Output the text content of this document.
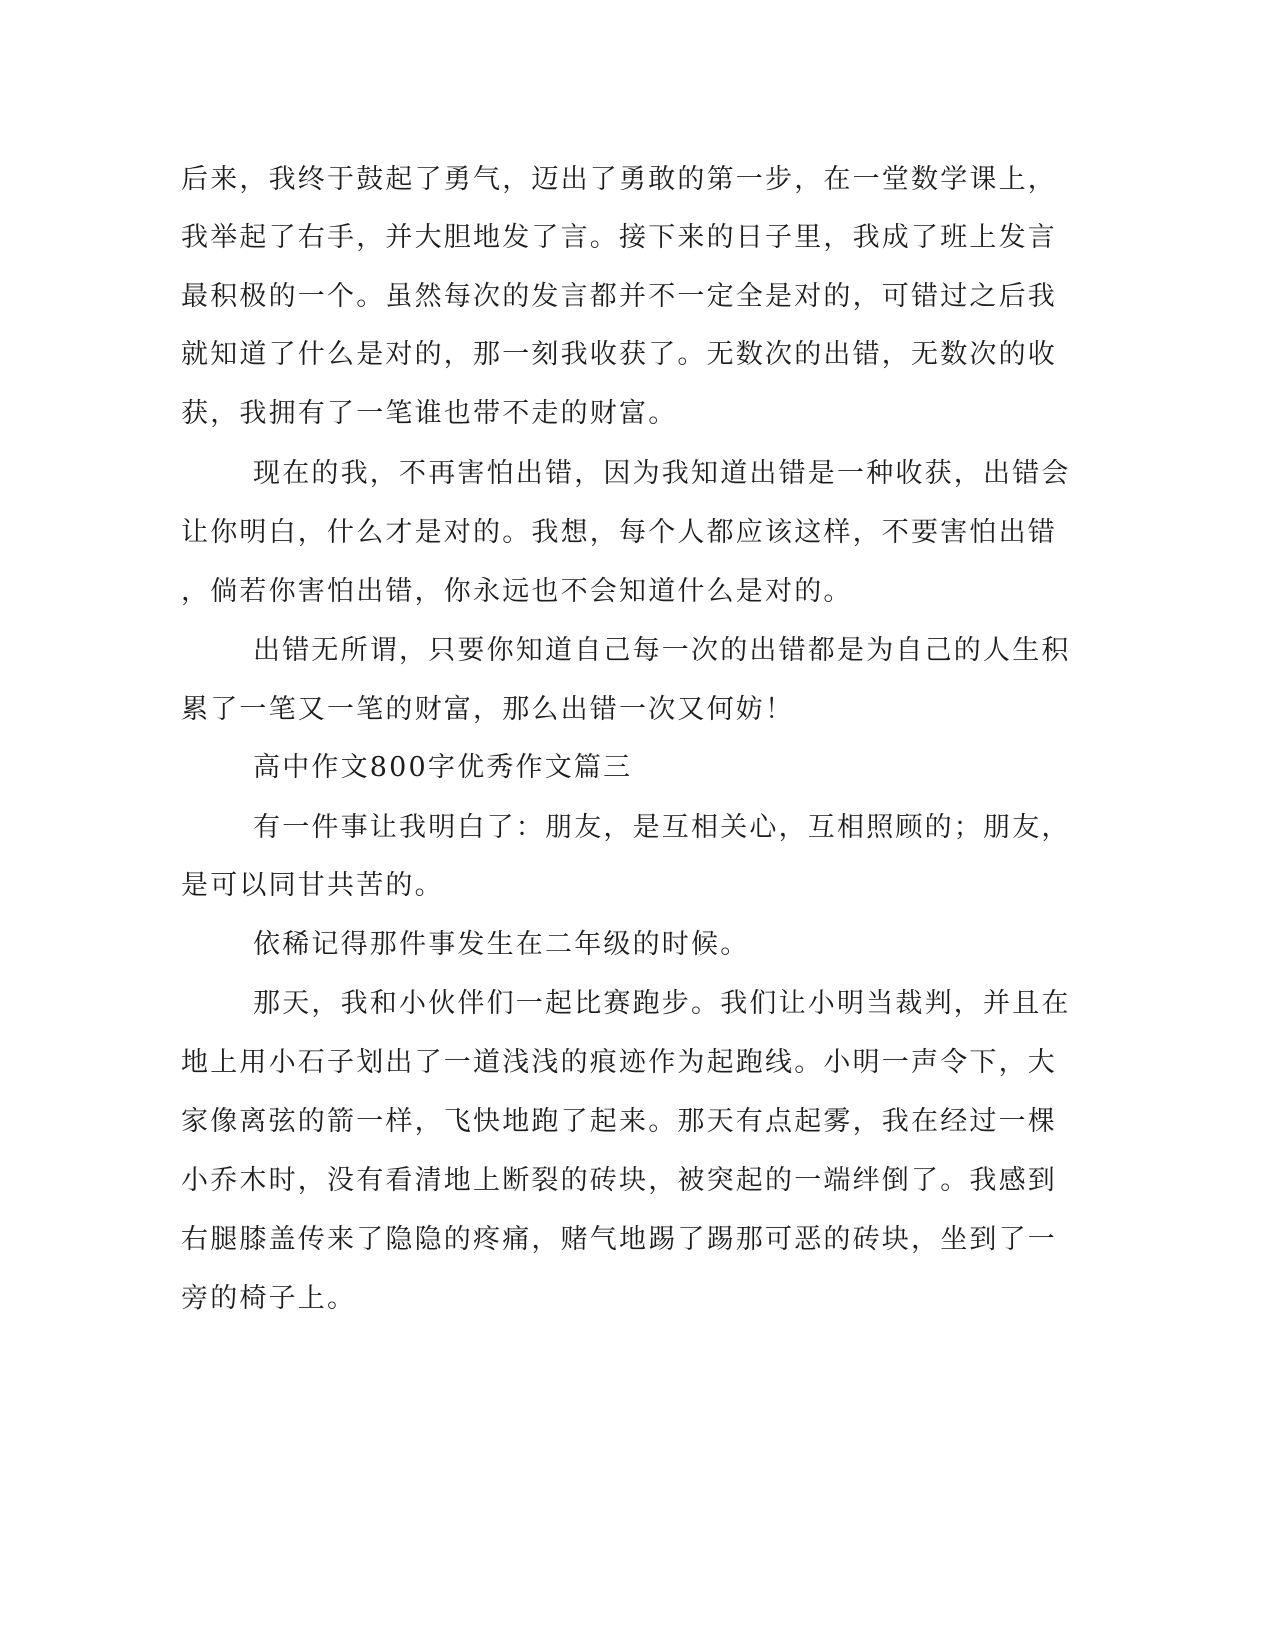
后来，我终于鼓起了勇气，迈出了勇敢的第一步，在一堂数学课上，
我举起了右手，并大胆地发了言。接下来的日子里，我成了班上发言
最积极的一个。虽然每次的发言都并不一定全是对的，可错过之后我
就知道了什么是对的，那一刻我收获了。无数次的出错，无数次的收
获，我拥有了一笔谁也带不走的财富。
现在的我，不再害怕出错，因为我知道出错是一种收获，出错会
让你明白，什么才是对的。我想，每个人都应该这样，不要害怕出错
，倘若你害怕出错，你永远也不会知道什么是对的。
出错无所谓，只要你知道自己每一次的出错都是为自己的人生积
累了一笔又一笔的财富，那么出错一次又何妨！
高中作文800字优秀作文篇三
有一件事让我明白了：朋友，是互相关心，互相照顾的；朋友，
是可以同甘共苦的。
依稀记得那件事发生在二年级的时候。
那天，我和小伙伴们一起比赛跑步。我们让小明当裁判，并且在
地上用小石子划出了一道浅浅的痕迹作为起跑线。小明一声令下，大
家像离弦的箭一样，飞快地跑了起来。那天有点起雾，我在经过一棵
小乔木时，没有看清地上断裂的砖块，被突起的一端绊倒了。我感到
右腿膝盖传来了隐隐的疼痛，赌气地踢了踢那可恶的砖块，坐到了一
旁的椅子上。
